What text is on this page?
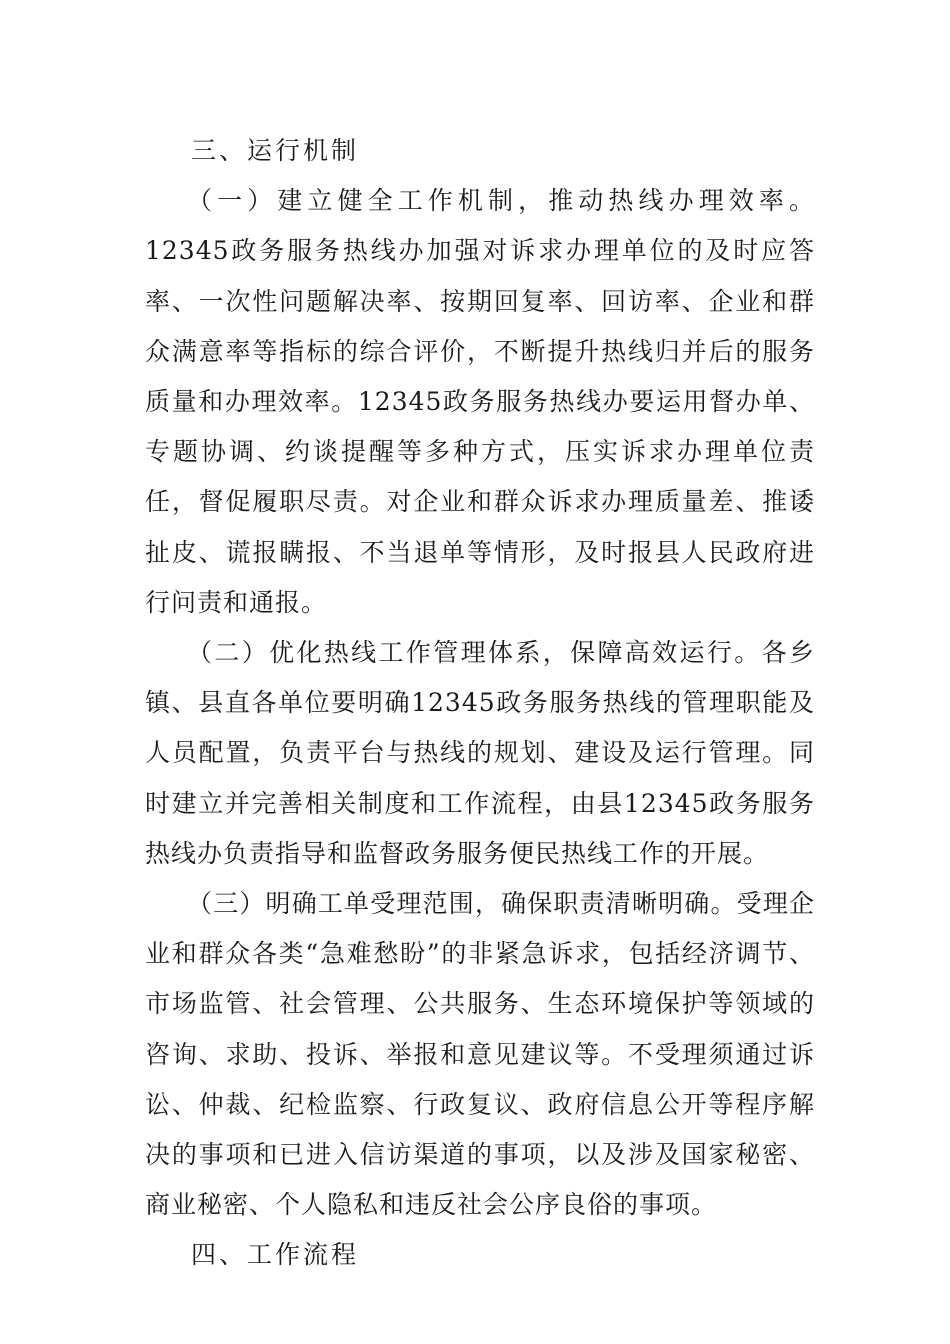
三、运行机制

（一）建立健全工作机制，推动热线办理效率。12345政务服务热线办加强对诉求办理单位的及时应答率、一次性问题解决率、按期回复率、回访率、企业和群众满意率等指标的综合评价，不断提升热线归并后的服务质量和办理效率。12345政务服务热线办要运用督办单、专题协调、约谈提醒等多种方式，压实诉求办理单位责任，督促履职尽责。对企业和群众诉求办理质量差、推诿扯皮、谎报瞒报、不当退单等情形，及时报县人民政府进行问责和通报。

（二）优化热线工作管理体系，保障高效运行。各乡镇、县直各单位要明确12345政务服务热线的管理职能及人员配置，负责平台与热线的规划、建设及运行管理。同时建立并完善相关制度和工作流程，由县12345政务服务热线办负责指导和监督政务服务便民热线工作的开展。

（三）明确工单受理范围，确保职责清晰明确。受理企业和群众各类“急难愁盼”的非紧急诉求，包括经济调节、市场监管、社会管理、公共服务、生态环境保护等领域的咨询、求助、投诉、举报和意见建议等。不受理须通过诉讼、仲裁、纪检监察、行政复议、政府信息公开等程序解决的事项和已进入信访渠道的事项，以及涉及国家秘密、商业秘密、个人隐私和违反社会公序良俗的事项。

四、工作流程
